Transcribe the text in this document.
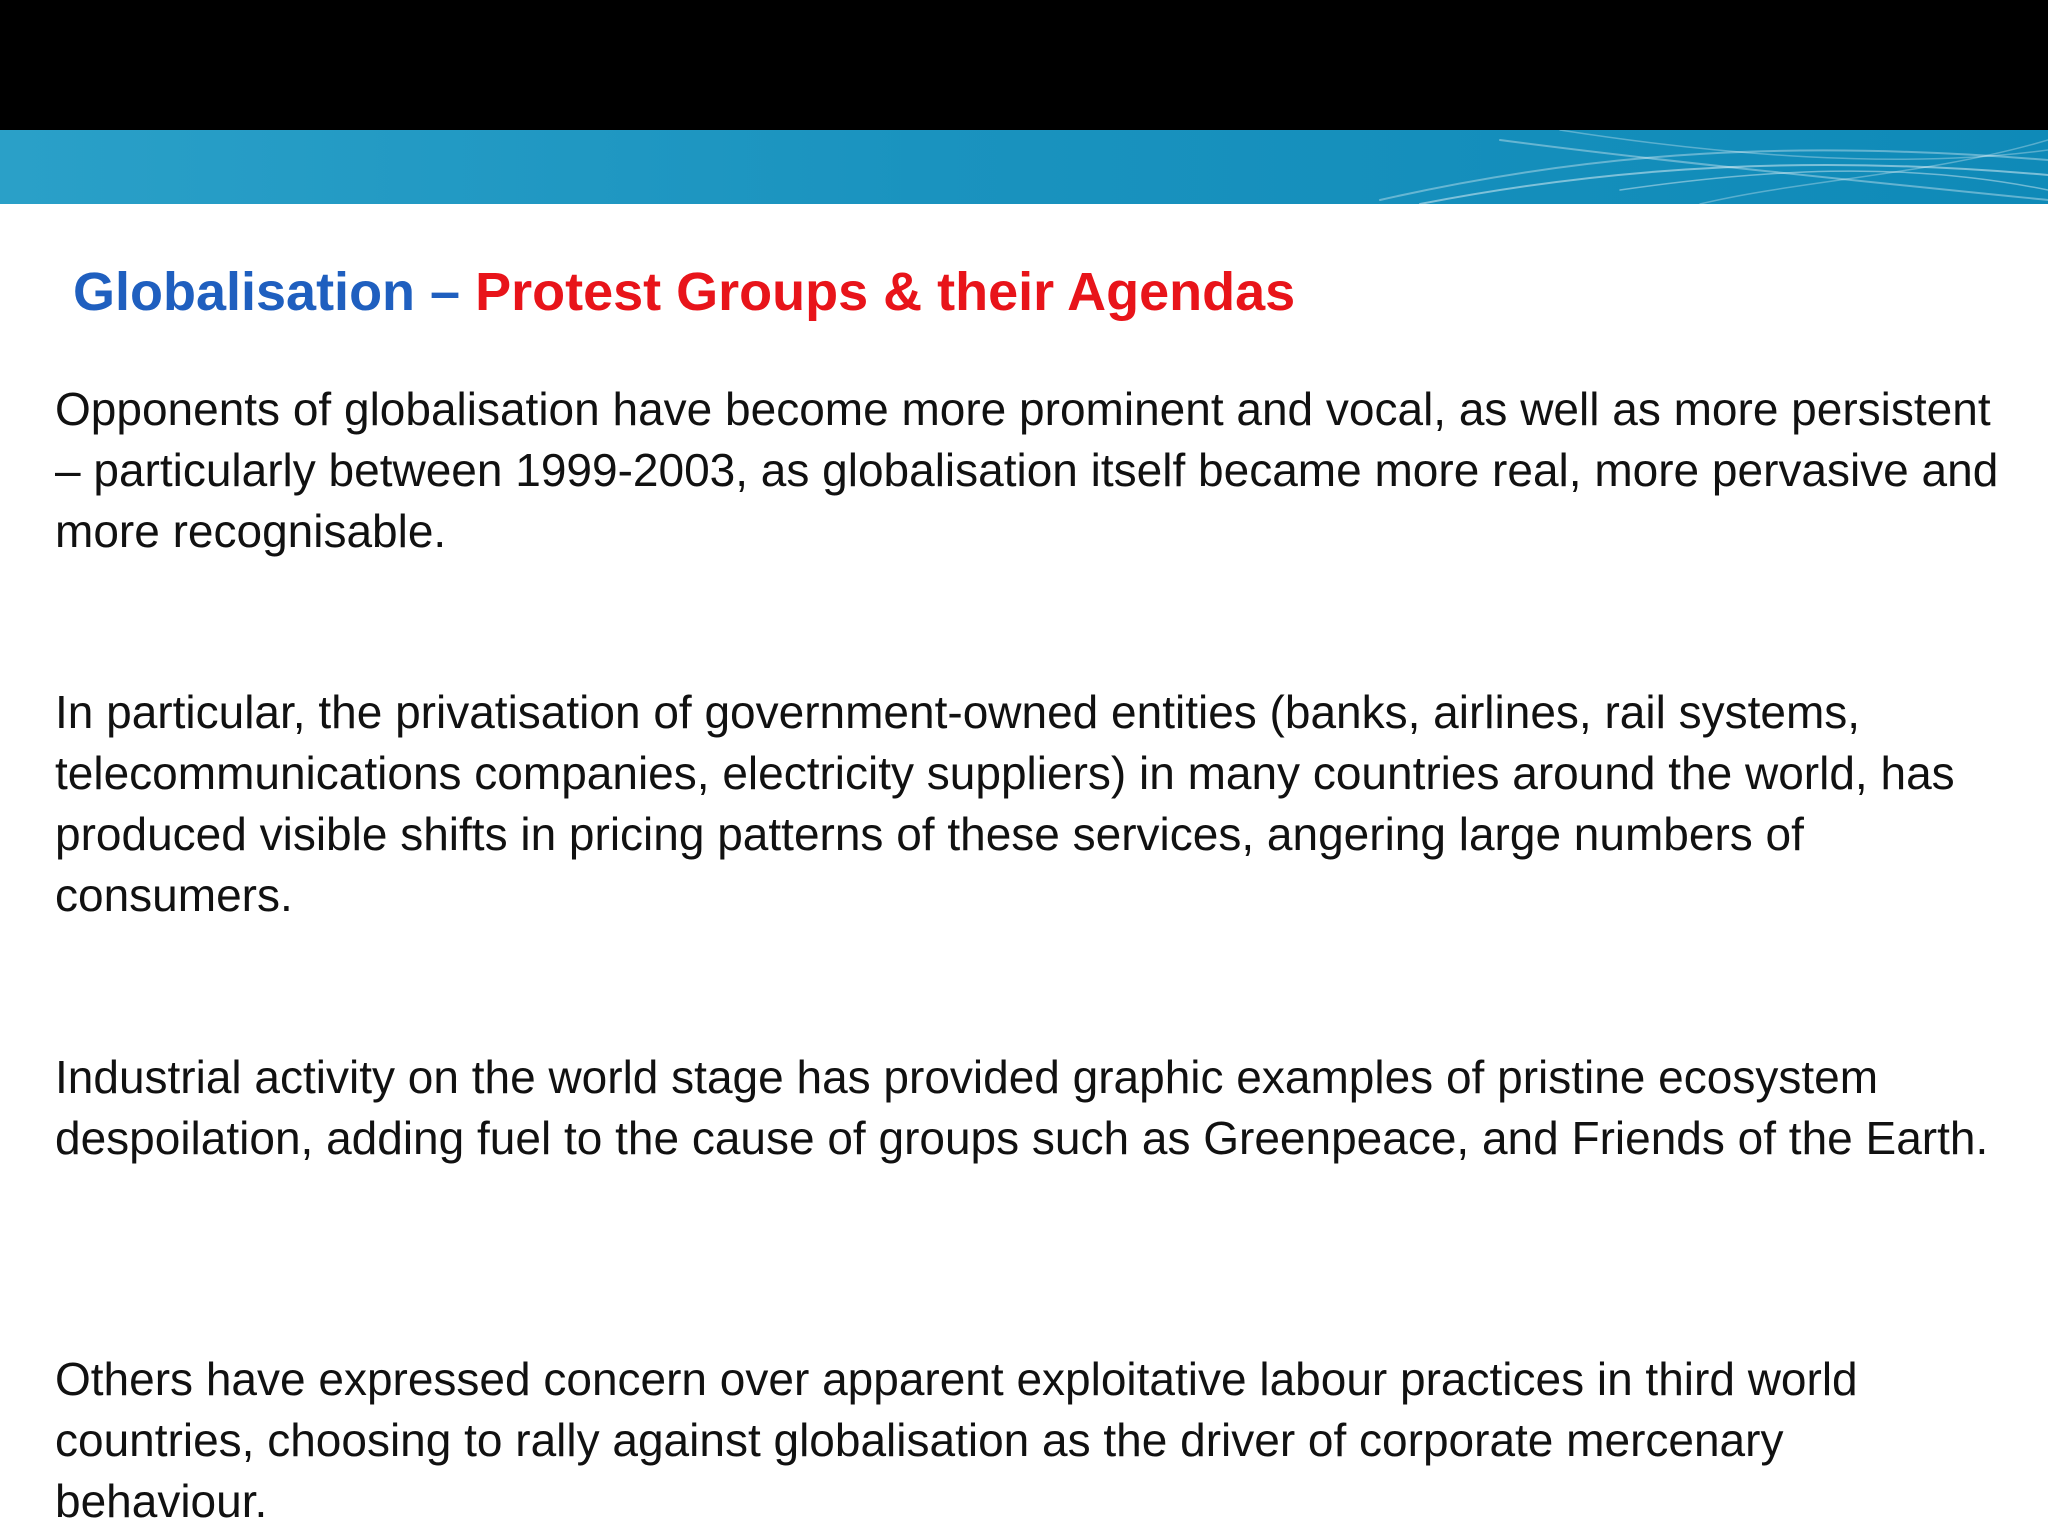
Globalisation – Protest Groups & their Agendas
Opponents of globalisation have become more prominent and vocal, as well as more persistent – particularly between 1999-2003, as globalisation itself became more real, more pervasive and more recognisable.
In particular, the privatisation of government-owned entities (banks, airlines, rail systems, telecommunications companies, electricity suppliers) in many countries around the world, has produced visible shifts in pricing patterns of these services, angering large numbers of consumers.
Industrial activity on the world stage has provided graphic examples of pristine ecosystem despoilation, adding fuel to the cause of groups such as Greenpeace, and Friends of the Earth.
Others have expressed concern over apparent exploitative labour practices in third world countries, choosing to rally against globalisation as the driver of corporate mercenary behaviour.
